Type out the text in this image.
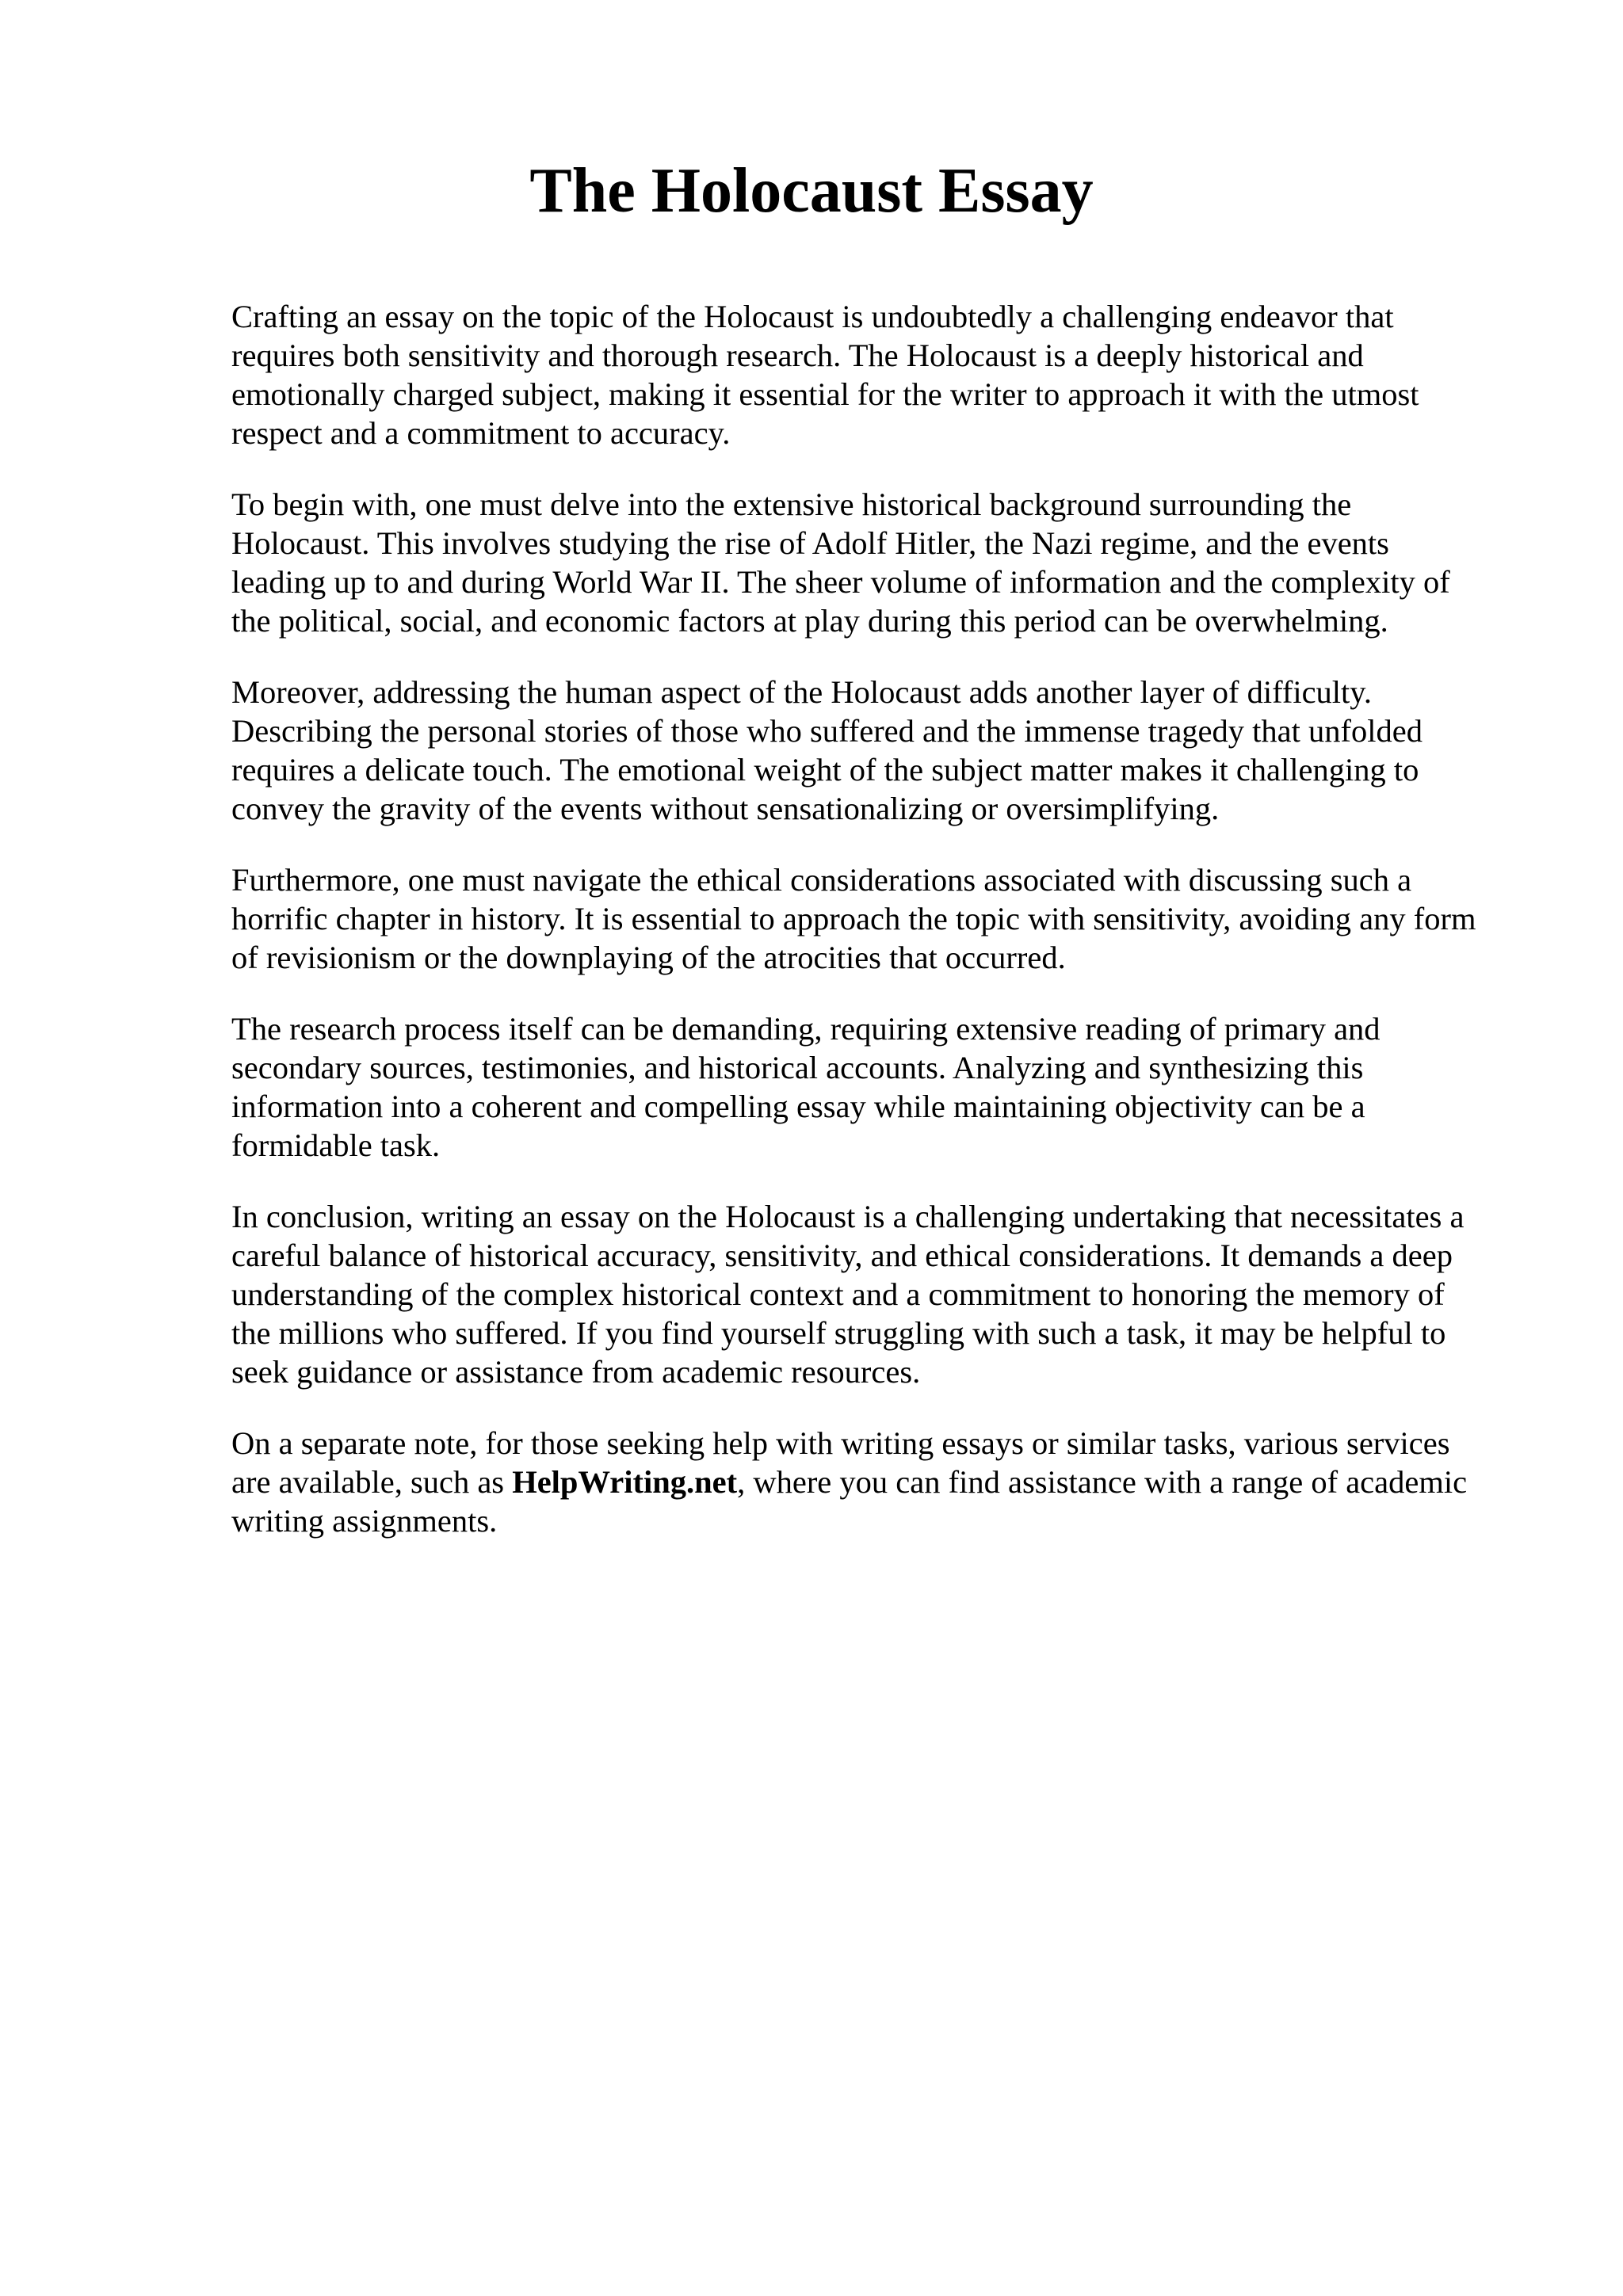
The Holocaust Essay

Crafting an essay on the topic of the Holocaust is undoubtedly a challenging endeavor that
requires both sensitivity and thorough research. The Holocaust is a deeply historical and
emotionally charged subject, making it essential for the writer to approach it with the utmost
respect and a commitment to accuracy.

To begin with, one must delve into the extensive historical background surrounding the
Holocaust. This involves studying the rise of Adolf Hitler, the Nazi regime, and the events
leading up to and during World War II. The sheer volume of information and the complexity of
the political, social, and economic factors at play during this period can be overwhelming.

Moreover, addressing the human aspect of the Holocaust adds another layer of difficulty.
Describing the personal stories of those who suffered and the immense tragedy that unfolded
requires a delicate touch. The emotional weight of the subject matter makes it challenging to
convey the gravity of the events without sensationalizing or oversimplifying.

Furthermore, one must navigate the ethical considerations associated with discussing such a
horrific chapter in history. It is essential to approach the topic with sensitivity, avoiding any form
of revisionism or the downplaying of the atrocities that occurred.

The research process itself can be demanding, requiring extensive reading of primary and
secondary sources, testimonies, and historical accounts. Analyzing and synthesizing this
information into a coherent and compelling essay while maintaining objectivity can be a
formidable task.

In conclusion, writing an essay on the Holocaust is a challenging undertaking that necessitates a
careful balance of historical accuracy, sensitivity, and ethical considerations. It demands a deep
understanding of the complex historical context and a commitment to honoring the memory of
the millions who suffered. If you find yourself struggling with such a task, it may be helpful to
seek guidance or assistance from academic resources.

On a separate note, for those seeking help with writing essays or similar tasks, various services
are available, such as HelpWriting.net, where you can find assistance with a range of academic
writing assignments.
